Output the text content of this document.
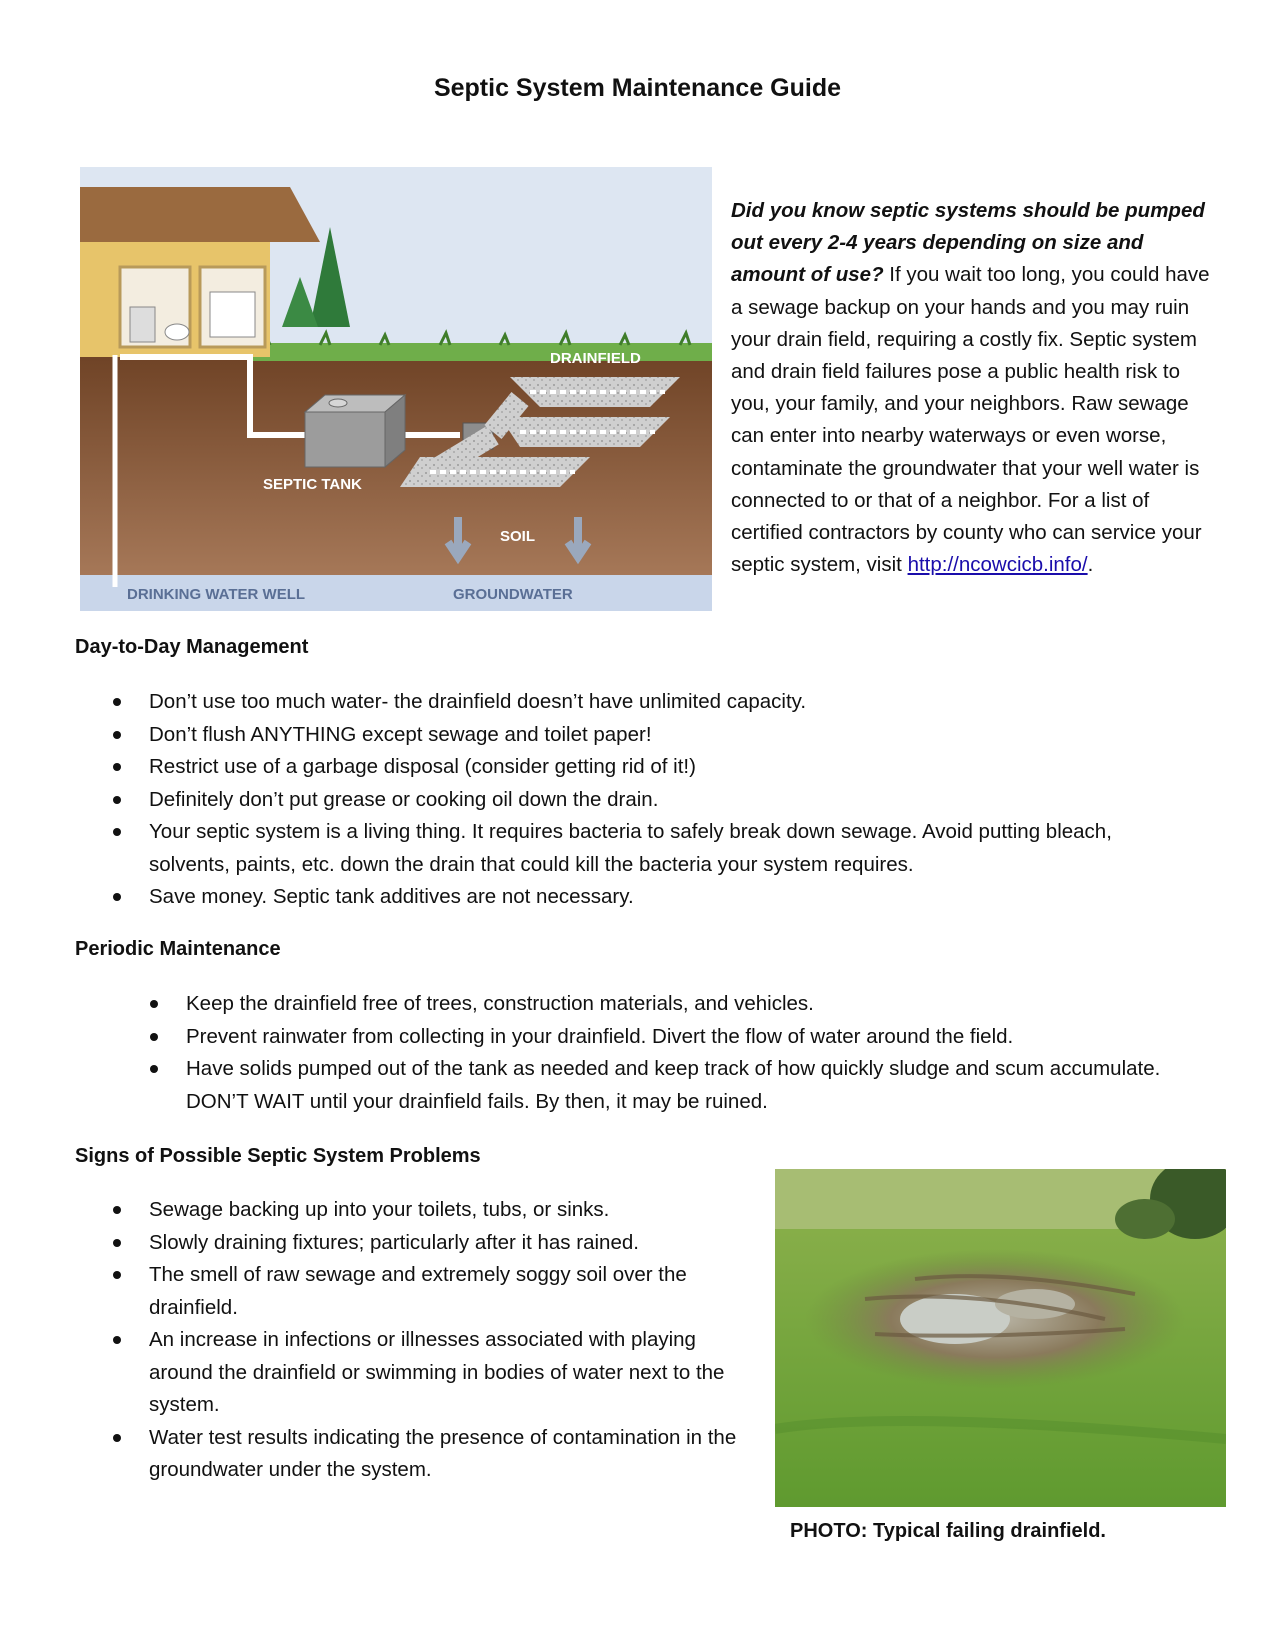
Septic System Maintenance Guide
DRAINFIELD
SEPTIC TANK
SOIL
DRINKING WATER WELL	GROUNDWATER
Did you know septic systems should be pumped out every 2-4 years depending on size and amount of use? If you wait too long, you could have a sewage backup on your hands and you may ruin your drain field, requiring a costly fix. Septic system and drain field failures pose a public health risk to you, your family, and your neighbors. Raw sewage can enter into nearby waterways or even worse, contaminate the groundwater that your well water is connected to or that of a neighbor. For a list of certified contractors by county who can service your septic system, visit http://ncowcicb.info/.
Day-to-Day Management
Don’t use too much water- the drainfield doesn’t have unlimited capacity.
Don’t flush ANYTHING except sewage and toilet paper!
Restrict use of a garbage disposal (consider getting rid of it!)
Definitely don’t put grease or cooking oil down the drain.
Your septic system is a living thing. It requires bacteria to safely break down sewage. Avoid putting bleach, solvents, paints, etc. down the drain that could kill the bacteria your system requires.
Save money. Septic tank additives are not necessary.
Periodic Maintenance
Keep the drainfield free of trees, construction materials, and vehicles.
Prevent rainwater from collecting in your drainfield. Divert the flow of water around the field.
Have solids pumped out of the tank as needed and keep track of how quickly sludge and scum accumulate. DON’T WAIT until your drainfield fails. By then, it may be ruined.
Signs of Possible Septic System Problems
Sewage backing up into your toilets, tubs, or sinks.
Slowly draining fixtures; particularly after it has rained.
The smell of raw sewage and extremely soggy soil over the drainfield.
An increase in infections or illnesses associated with playing around the drainfield or swimming in bodies of water next to the system.
Water test results indicating the presence of contamination in the groundwater under the system.
PHOTO: Typical failing drainfield.
